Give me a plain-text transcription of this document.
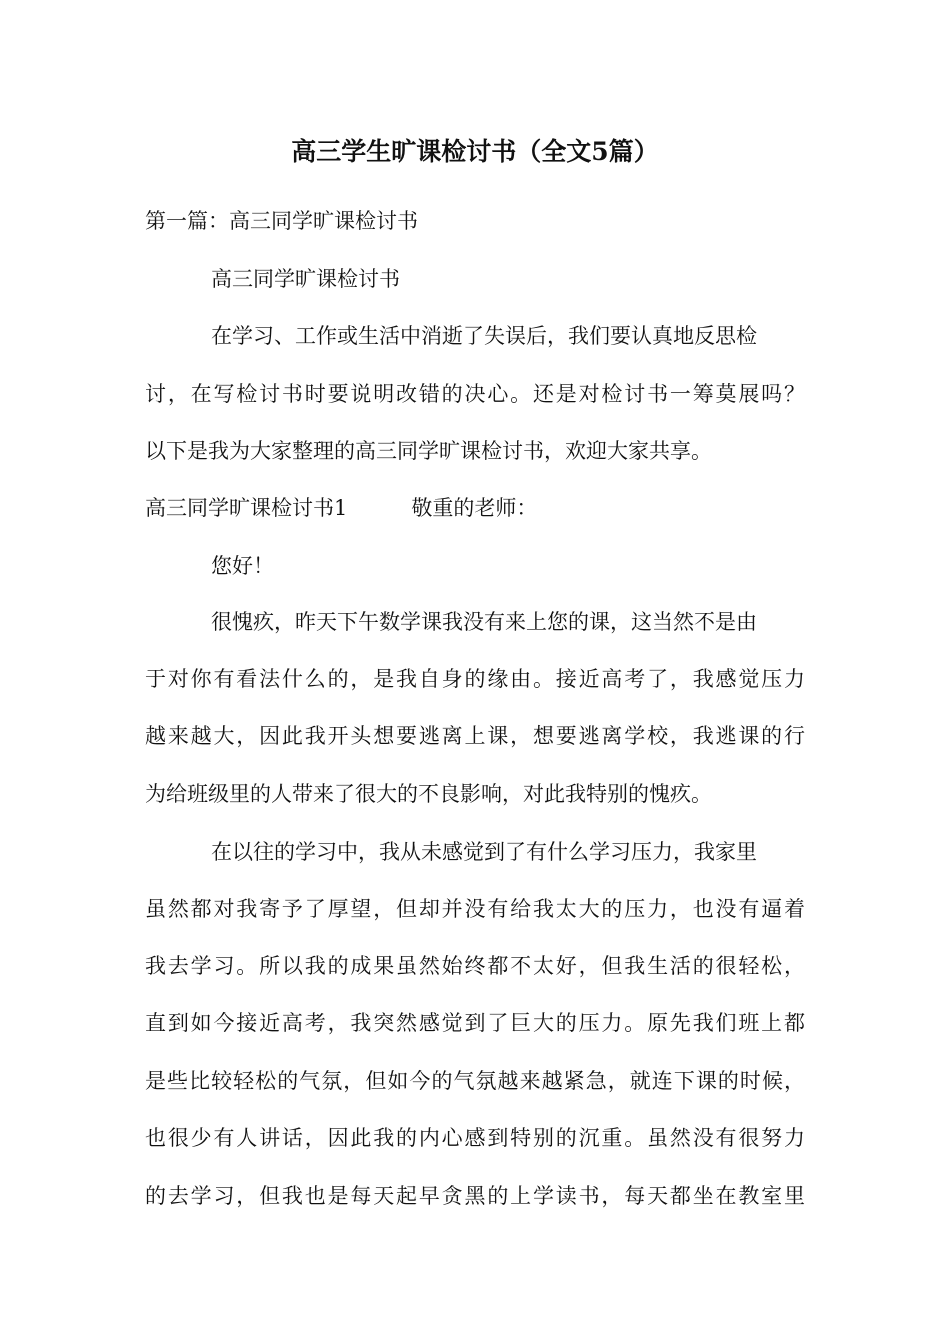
高三学生旷课检讨书（全文5篇）
第一篇：高三同学旷课检讨书
高三同学旷课检讨书
在学习、工作或生活中消逝了失误后，我们要认真地反思检
讨，在写检讨书时要说明改错的决心。还是对检讨书一筹莫展吗？
以下是我为大家整理的高三同学旷课检讨书，欢迎大家共享。
高三同学旷课检讨书1	敬重的老师：
您好！
很愧疚，昨天下午数学课我没有来上您的课，这当然不是由
于对你有看法什么的，是我自身的缘由。接近高考了，我感觉压力
越来越大，因此我开头想要逃离上课，想要逃离学校，我逃课的行
为给班级里的人带来了很大的不良影响，对此我特别的愧疚。
在以往的学习中，我从未感觉到了有什么学习压力，我家里
虽然都对我寄予了厚望，但却并没有给我太大的压力，也没有逼着
我去学习。所以我的成果虽然始终都不太好，但我生活的很轻松，
直到如今接近高考，我突然感觉到了巨大的压力。原先我们班上都
是些比较轻松的气氛，但如今的气氛越来越紧急，就连下课的时候，
也很少有人讲话，因此我的内心感到特别的沉重。虽然没有很努力
的去学习，但我也是每天起早贪黑的上学读书，每天都坐在教室里
